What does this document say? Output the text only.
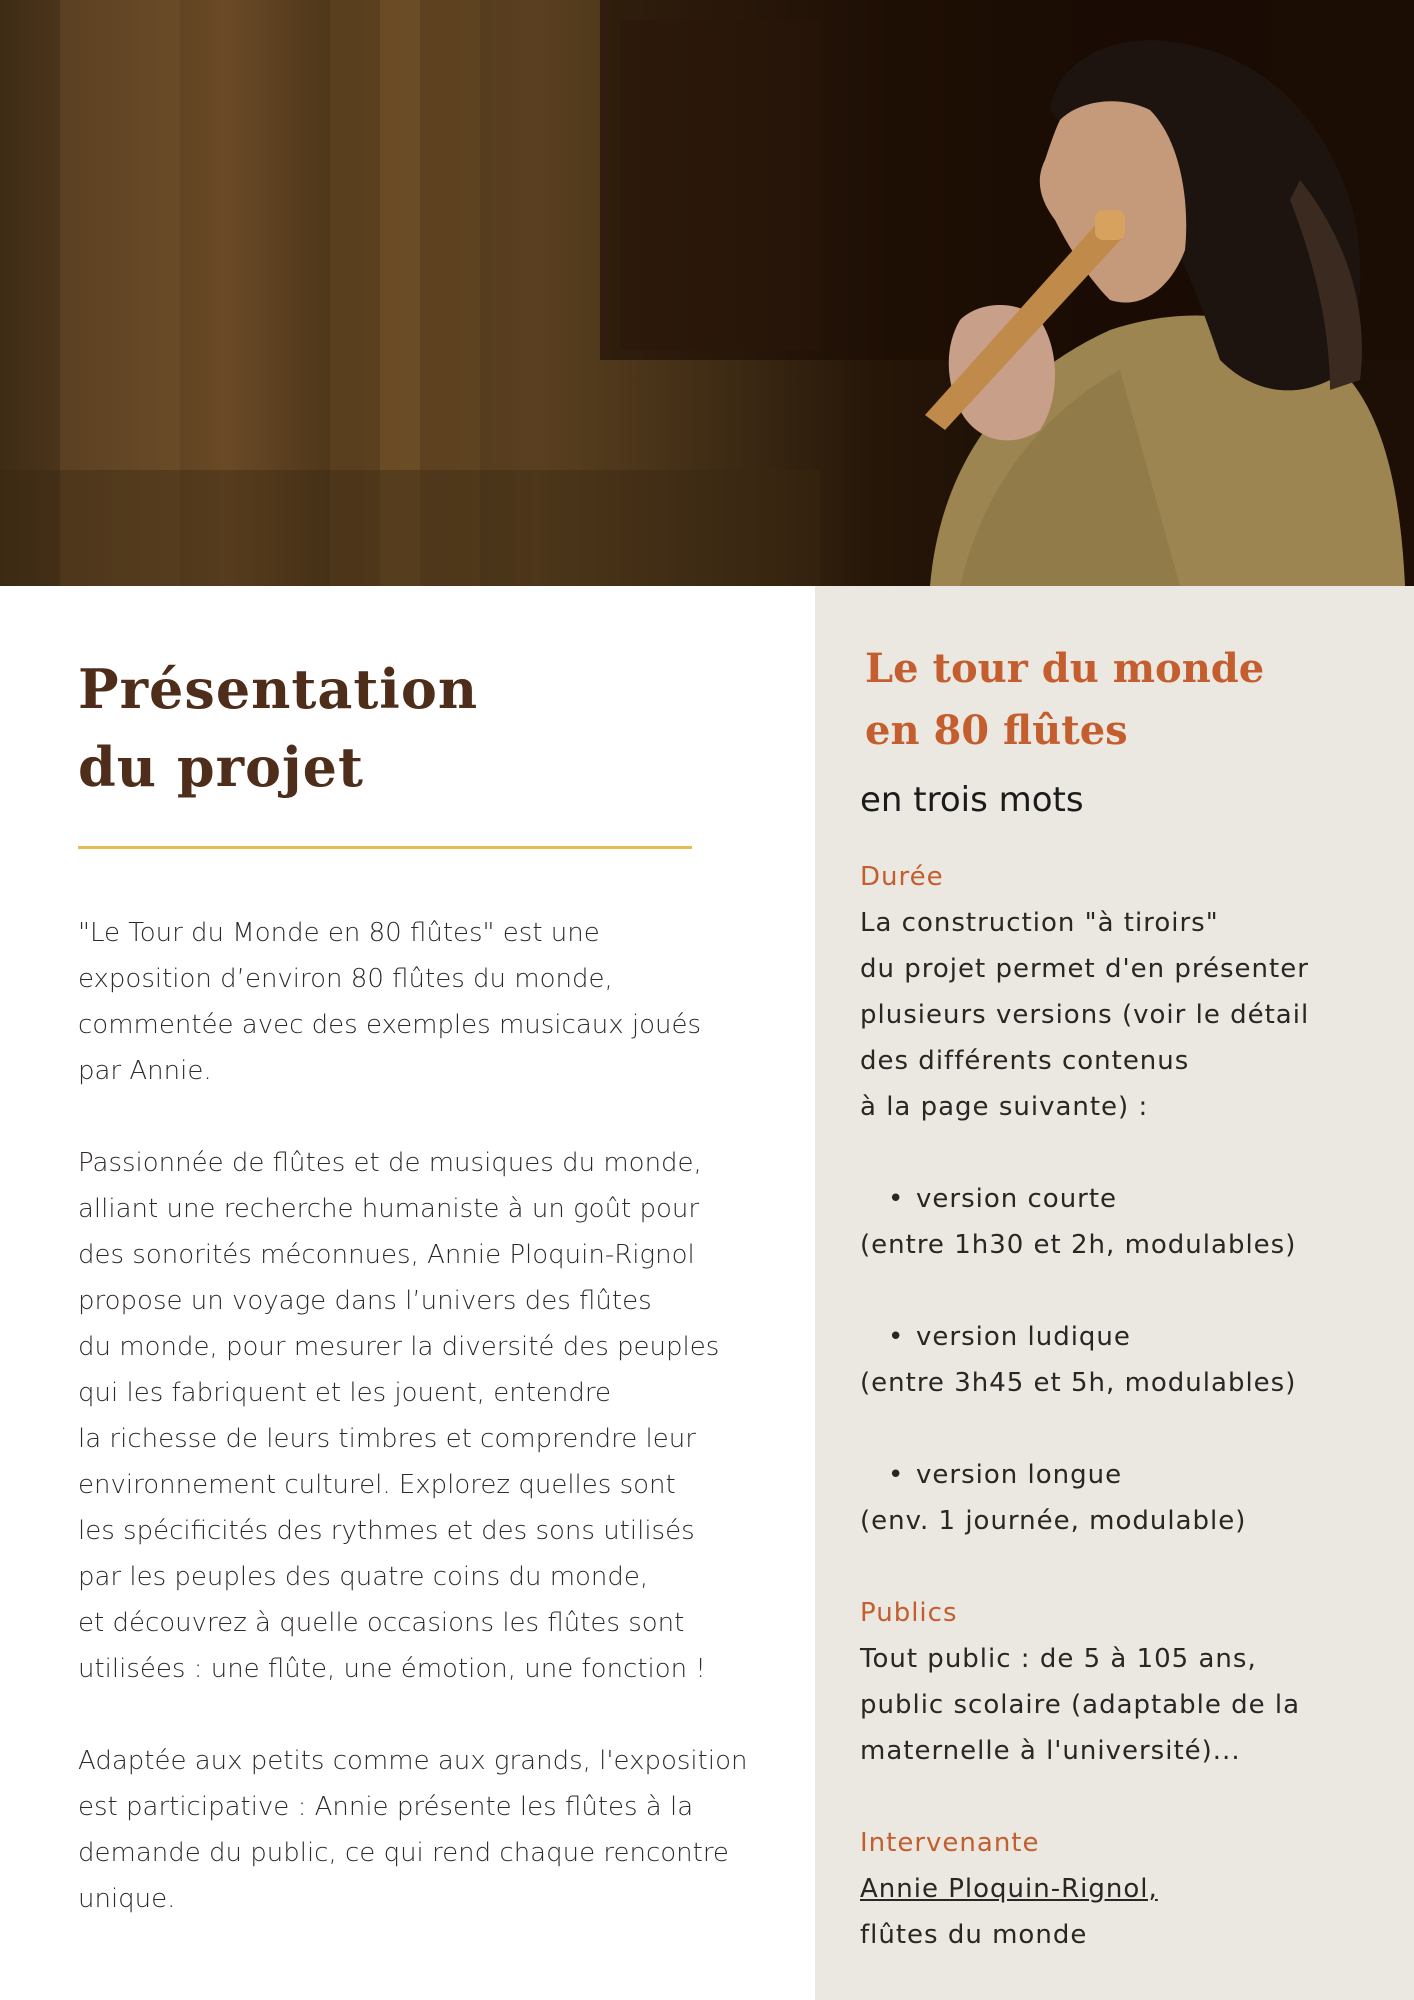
Présentation
du projet

"Le Tour du Monde en 80 flûtes" est une
exposition d’environ 80 flûtes du monde,
commentée avec des exemples musicaux joués
par Annie.

Passionnée de flûtes et de musiques du monde,
alliant une recherche humaniste à un goût pour
des sonorités méconnues, Annie Ploquin-Rignol
propose un voyage dans l’univers des flûtes
du monde, pour mesurer la diversité des peuples
qui les fabriquent et les jouent, entendre
la richesse de leurs timbres et comprendre leur
environnement culturel. Explorez quelles sont
les spécificités des rythmes et des sons utilisés
par les peuples des quatre coins du monde,
et découvrez à quelle occasions les flûtes sont
utilisées : une flûte, une émotion, une fonction !

Adaptée aux petits comme aux grands, l'exposition
est participative : Annie présente les flûtes à la
demande du public, ce qui rend chaque rencontre
unique.

Le tour du monde
en 80 flûtes
en trois mots
Durée
La construction "à tiroirs"
du projet permet d'en présenter
plusieurs versions (voir le détail
des différents contenus
à la page suivante) :
• version courte
(entre 1h30 et 2h, modulables)
• version ludique
(entre 3h45 et 5h, modulables)
• version longue
(env. 1 journée, modulable)
Publics
Tout public : de 5 à 105 ans,
public scolaire (adaptable de la
maternelle à l'université)...
Intervenante
Annie Ploquin-Rignol,
flûtes du monde
